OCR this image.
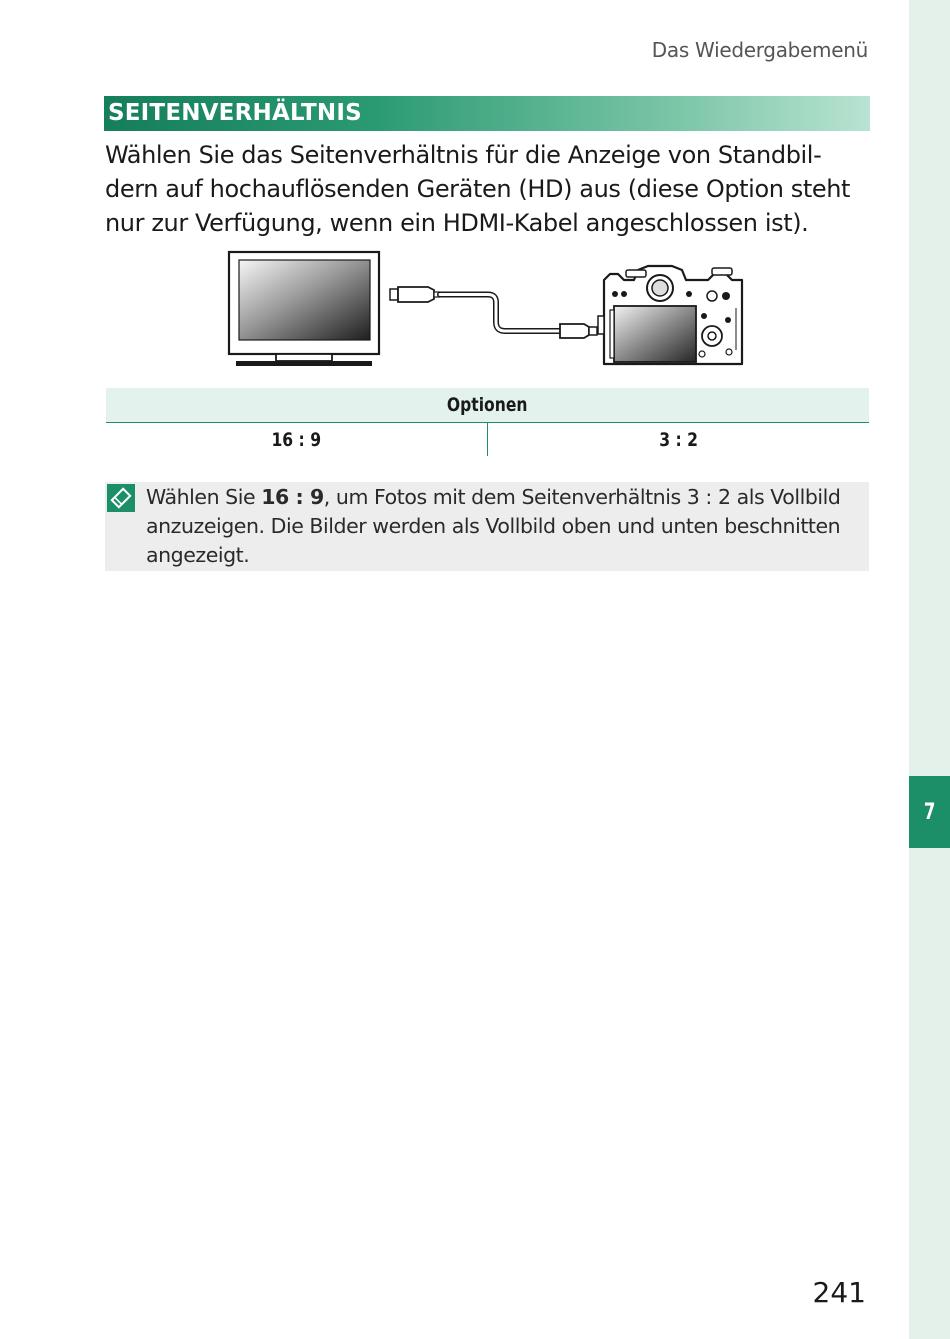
7
Das Wiedergabemenü
SEITENVERHÄLTNIS

Wählen Sie das Seitenverhältnis für die Anzeige von Standbil-
dern auf hochauflösenden Geräten (HD) aus (diese Option steht
nur zur Verfügung, wenn ein HDMI-Kabel angeschlossen ist).

Optionen
16 : 9	3 : 2

Wählen Sie 16 : 9, um Fotos mit dem Seitenverhältnis 3 : 2 als Vollbild anzuzeigen. Die Bilder werden als Vollbild oben und unten beschnitten angezeigt.

241
